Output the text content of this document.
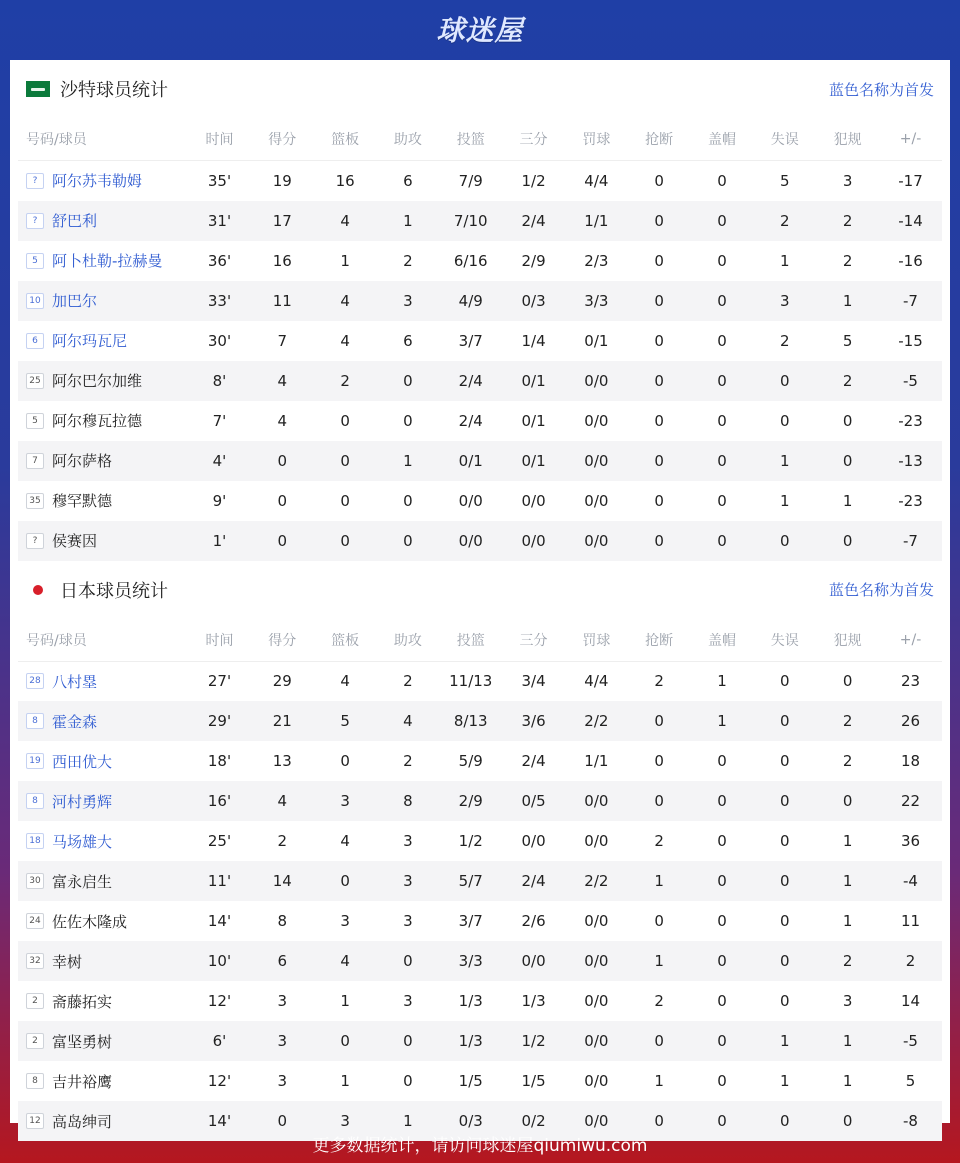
球迷屋
沙特球员统计	蓝色名称为首发
号码/球员	时间	得分	篮板	助攻	投篮	三分	罚球	抢断	盖帽	失误	犯规	+/-
? 阿尔苏韦勒姆	35'	19	16	6	7/9	1/2	4/4	0	0	5	3	-17
? 舒巴利	31'	17	4	1	7/10	2/4	1/1	0	0	2	2	-14
5 阿卜杜勒-拉赫曼	36'	16	1	2	6/16	2/9	2/3	0	0	1	2	-16
10 加巴尔	33'	11	4	3	4/9	0/3	3/3	0	0	3	1	-7
6 阿尔玛瓦尼	30'	7	4	6	3/7	1/4	0/1	0	0	2	5	-15
25 阿尔巴尔加维	8'	4	2	0	2/4	0/1	0/0	0	0	0	2	-5
5 阿尔穆瓦拉德	7'	4	0	0	2/4	0/1	0/0	0	0	0	0	-23
7 阿尔萨格	4'	0	0	1	0/1	0/1	0/0	0	0	1	0	-13
35 穆罕默德	9'	0	0	0	0/0	0/0	0/0	0	0	1	1	-23
? 侯赛因	1'	0	0	0	0/0	0/0	0/0	0	0	0	0	-7
日本球员统计	蓝色名称为首发
号码/球员	时间	得分	篮板	助攻	投篮	三分	罚球	抢断	盖帽	失误	犯规	+/-
28 八村塁	27'	29	4	2	11/13	3/4	4/4	2	1	0	0	23
8 霍金森	29'	21	5	4	8/13	3/6	2/2	0	1	0	2	26
19 西田优大	18'	13	0	2	5/9	2/4	1/1	0	0	0	2	18
8 河村勇辉	16'	4	3	8	2/9	0/5	0/0	0	0	0	0	22
18 马场雄大	25'	2	4	3	1/2	0/0	0/0	2	0	0	1	36
30 富永启生	11'	14	0	3	5/7	2/4	2/2	1	0	0	1	-4
24 佐佐木隆成	14'	8	3	3	3/7	2/6	0/0	0	0	0	1	11
32 幸树	10'	6	4	0	3/3	0/0	0/0	1	0	0	2	2
2 斋藤拓实	12'	3	1	3	1/3	1/3	0/0	2	0	0	3	14
2 富坚勇树	6'	3	0	0	1/3	1/2	0/0	0	0	1	1	-5
8 吉井裕鹰	12'	3	1	0	1/5	1/5	0/0	1	0	1	1	5
12 高岛绅司	14'	0	3	1	0/3	0/2	0/0	0	0	0	0	-8
更多数据统计，请访问球迷屋qiumiwu.com
